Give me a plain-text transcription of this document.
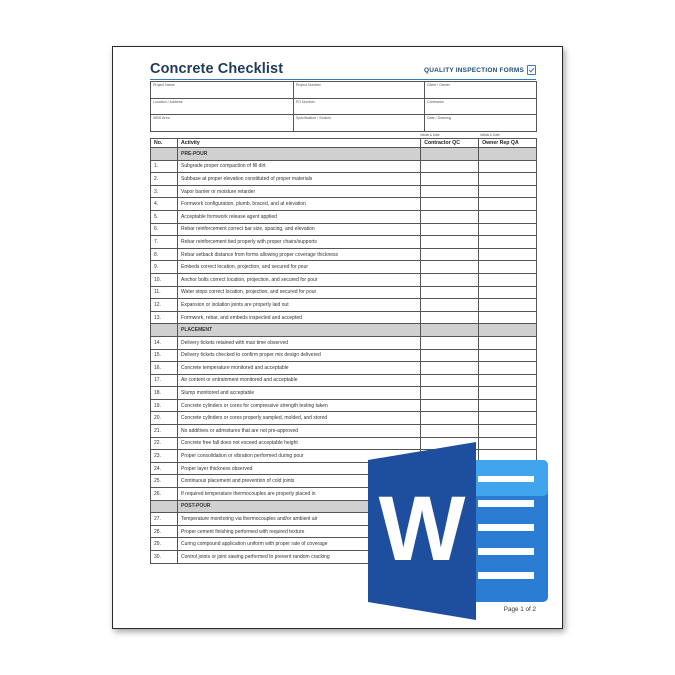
Concrete Checklist	QUALITY INSPECTION FORMS
Project Name	Project Number	Client / Owner
Location / Address	PO Number	Contractor
WBS Area	Specification / Section	Date / Drawing
Initials & Date	Initials & Date
No.	Activity	Contractor QC	Owner Rep QA
	PRE-POUR		
1.	Subgrade proper compaction of fill dirt		
2.	Subbase at proper elevation constituted of proper materials		
3.	Vapor barrier or moisture retarder		
4.	Formwork configuration, plumb, braced, and at elevation		
5.	Acceptable formwork release agent applied		
6.	Rebar reinforcement correct bar size, spacing, and elevation		
7.	Rebar reinforcement tied properly with proper chairs/supports		
8.	Rebar setback distance from forms allowing proper coverage thickness		
9.	Embeds correct location, projection, and secured for pour		
10.	Anchor bolts correct location, projection, and secured for pour		
11.	Water stops correct location, projection, and secured for pour		
12.	Expansion or isolation joints are properly laid out		
13.	Formwork, rebar, and embeds inspected and accepted		
	PLACEMENT		
14.	Delivery tickets retained with max time observed		
15.	Delivery tickets checked to confirm proper mix design delivered		
16.	Concrete temperature monitored and acceptable		
17.	Air content or entrainment monitored and acceptable		
18.	Slump monitored and acceptable		
19.	Concrete cylinders or cores for compressive strength testing taken		
20.	Concrete cylinders or cores properly sampled, molded, and stored		
21.	No additives or admixtures that are not pre-approved		
22.	Concrete free fall does not exceed acceptable height		
23.	Proper consolidation or vibration performed during pour		
24.	Proper layer thickness observed		
25.	Continuous placement and prevention of cold joints		
26.	If required temperature thermocouples are properly placed in		
	POST-POUR		
27.	Temperature monitoring via thermocouples and/or ambient air		
28.	Proper cement finishing performed with required texture		
29.	Curing compound application uniform with proper rate of coverage		
30.	Control joints or joint sawing performed to prevent random cracking		
Page 1 of 2
W
